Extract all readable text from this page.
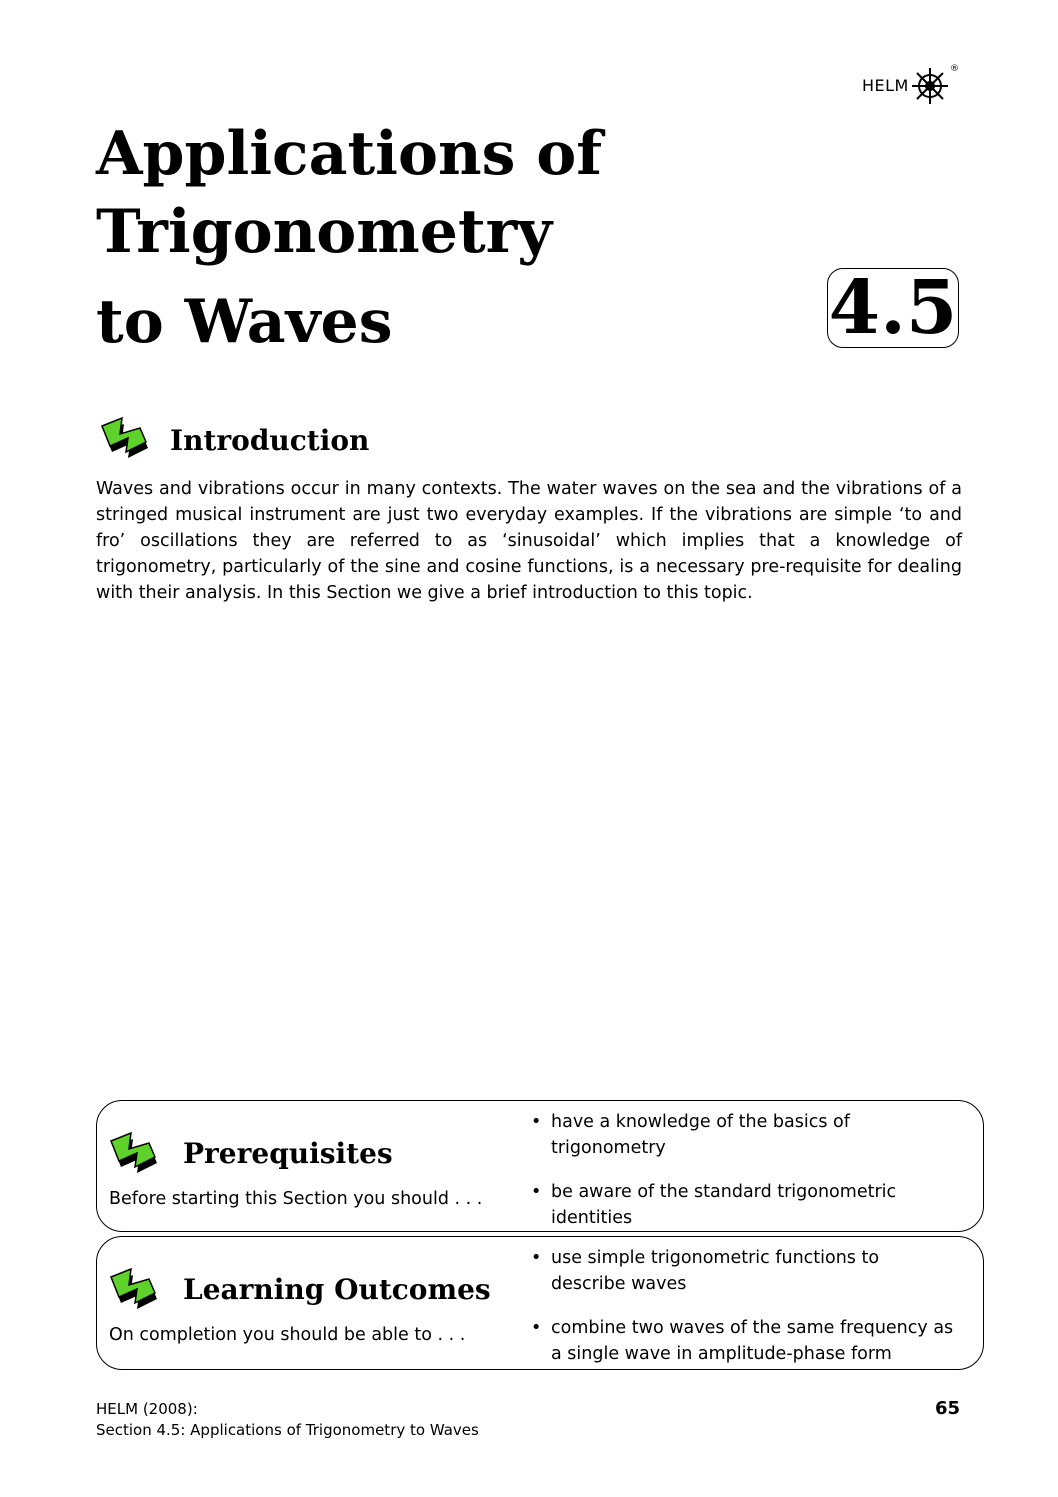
HELM
®
Applications of
Trigonometry
to Waves	4.5
Introduction
Waves and vibrations occur in many contexts. The water waves on the sea and the vibrations of a stringed musical instrument are just two everyday examples. If the vibrations are simple ‘to and fro’ oscillations they are referred to as ‘sinusoidal’ which implies that a knowledge of trigonometry, particularly of the sine and cosine functions, is a necessary pre-requisite for dealing with their analysis. In this Section we give a brief introduction to this topic.
Prerequisites
Before starting this Section you should . . .
• have a knowledge of the basics of trigonometry
• be aware of the standard trigonometric identities
Learning Outcomes
On completion you should be able to . . .
• use simple trigonometric functions to describe waves
• combine two waves of the same frequency as a single wave in amplitude-phase form
HELM (2008):
Section 4.5: Applications of Trigonometry to Waves
65
